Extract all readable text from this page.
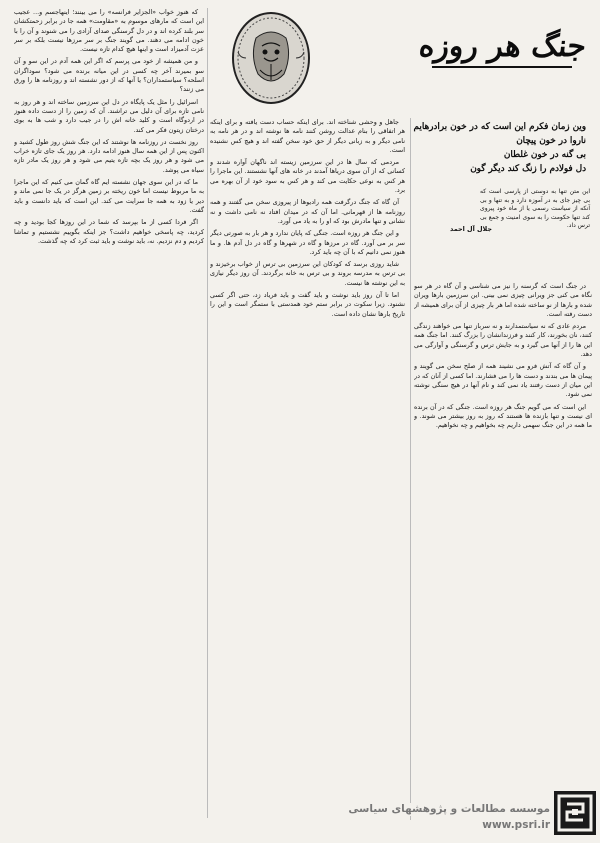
که هنوز خواب «الجزایر فرانسه» را می بینند؛ اینهاجسم و... عجیب این است که مارهای موسوم به «مقاومت» همه جا در برابر زحمتکشان سر بلند کرده اند و در دل گرسنگی صدای آزادی را می شنوند و آن را با خون ادامه می دهند. می گویند جنگ بر سر مرزها نیست بلکه بر سر عزت آدمیزاد است و اینها هیچ کدام تازه نیست.

و من همیشه از خود می پرسم که اگر این همه آدم در این سو و آن سو بمیرند آخر چه کسی در این میانه برنده می شود؟ سوداگران اسلحه؟ سیاستمداران؟ یا آنها که از دور نشسته اند و روزنامه ها را ورق می زنند؟

اسرائیل را مثل یک پایگاه در دل این سرزمین ساخته اند و هر روز به نامی تازه برای آن دلیل می تراشند. آن که زمین را از دست داده هنوز در اردوگاه است و کلید خانه اش را در جیب دارد و شب ها به بوی درختان زیتون فکر می کند.

روز نخست در روزنامه ها نوشتند که این جنگ شش روز طول کشید و اکنون پس از این همه سال هنوز ادامه دارد. هر روز یک جای تازه خراب می شود و هر روز یک بچه تازه یتیم می شود و هر روز یک مادر تازه سیاه می پوشد.

ما که در این سوی جهان نشسته ایم گاه گمان می کنیم که این ماجرا به ما مربوط نیست اما خون ریخته بر زمین هرگز در یک جا نمی ماند و دیر یا زود به همه جا سرایت می کند. این است که باید دانست و باید گفت.

اگر فردا کسی از ما بپرسد که شما در این روزها کجا بودید و چه کردید، چه پاسخی خواهیم داشت؟ جز اینکه بگوییم نشستیم و تماشا کردیم و دم نزدیم. نه، باید نوشت و باید ثبت کرد که چه گذشت.

جنگ هر روزه
وین زمان فکرم این است که در خون برادرهایم
ناروا در خون پیچان
بی گنه در خون غلطان
دل فولادم را زنگ کند دیگر گون
این متن تنها به دوستی از پارسی است که بی چیز جای به در آموزه دارد و به تنها و بی آنکه از سیاست رسمی یا از ماه خود پیروی کند تنها حکومت را به سوی امنیت و جمع بی ترس داد.
جلال آل احمد

جاهل و وحشی شناخته اند. برای اینکه حساب دست یافته و برای اینکه هر اتفاقی را بنام عدالت روشن کنند نامه ها نوشته اند و در هر نامه به نامی دیگر و به زبانی دیگر از حق خود سخن گفته اند و هیچ کس نشنیده است.

مردمی که سال ها در این سرزمین زیسته اند ناگهان آواره شدند و کسانی که از آن سوی دریاها آمدند در خانه های آنها نشستند. این ماجرا را هر کس به نوعی حکایت می کند و هر کس به سود خود از آن بهره می برد.

آن گاه که جنگ درگرفت همه رادیوها از پیروزی سخن می گفتند و همه روزنامه ها از قهرمانی. اما آن که در میدان افتاد نه نامی داشت و نه نشانی و تنها مادرش بود که او را به یاد می آورد.

و این جنگ هر روزه است. جنگی که پایان ندارد و هر بار به صورتی دیگر سر بر می آورد. گاه در مرزها و گاه در شهرها و گاه در دل آدم ها. و ما هنوز نمی دانیم که با آن چه باید کرد.

شاید روزی برسد که کودکان این سرزمین بی ترس از خواب برخیزند و بی ترس به مدرسه بروند و بی ترس به خانه برگردند. آن روز دیگر نیازی به این نوشته ها نیست.

اما تا آن روز باید نوشت و باید گفت و باید فریاد زد، حتی اگر کسی نشنود. زیرا سکوت در برابر ستم خود همدستی با ستمگر است و این را تاریخ بارها نشان داده است.

در جنگ است که گرسنه را نیز می شناسی و آن گاه در هر سو نگاه می کنی جز ویرانی چیزی نمی بینی. این سرزمین بارها ویران شده و بارها از نو ساخته شده اما هر بار چیزی از آن برای همیشه از دست رفته است.

مردم عادی که نه سیاستمدارند و نه سرباز تنها می خواهند زندگی کنند، نان بخورند، کار کنند و فرزندانشان را بزرگ کنند. اما جنگ همه این ها را از آنها می گیرد و به جایش ترس و گرسنگی و آوارگی می دهد.

و آن گاه که آتش فرو می نشیند همه از صلح سخن می گویند و پیمان ها می بندند و دست ها را می فشارند. اما کسی از آنان که در این میان از دست رفتند یاد نمی کند و نام آنها در هیچ سنگی نوشته نمی شود.

این است که می گویم جنگ هر روزه است. جنگی که در آن برنده ای نیست و تنها بازنده ها هستند که روز به روز بیشتر می شوند. و ما همه در این جنگ سهمی داریم چه بخواهیم و چه نخواهیم.

موسسه مطالعات و پژوهشهای سیاسی
www.psri.ir
